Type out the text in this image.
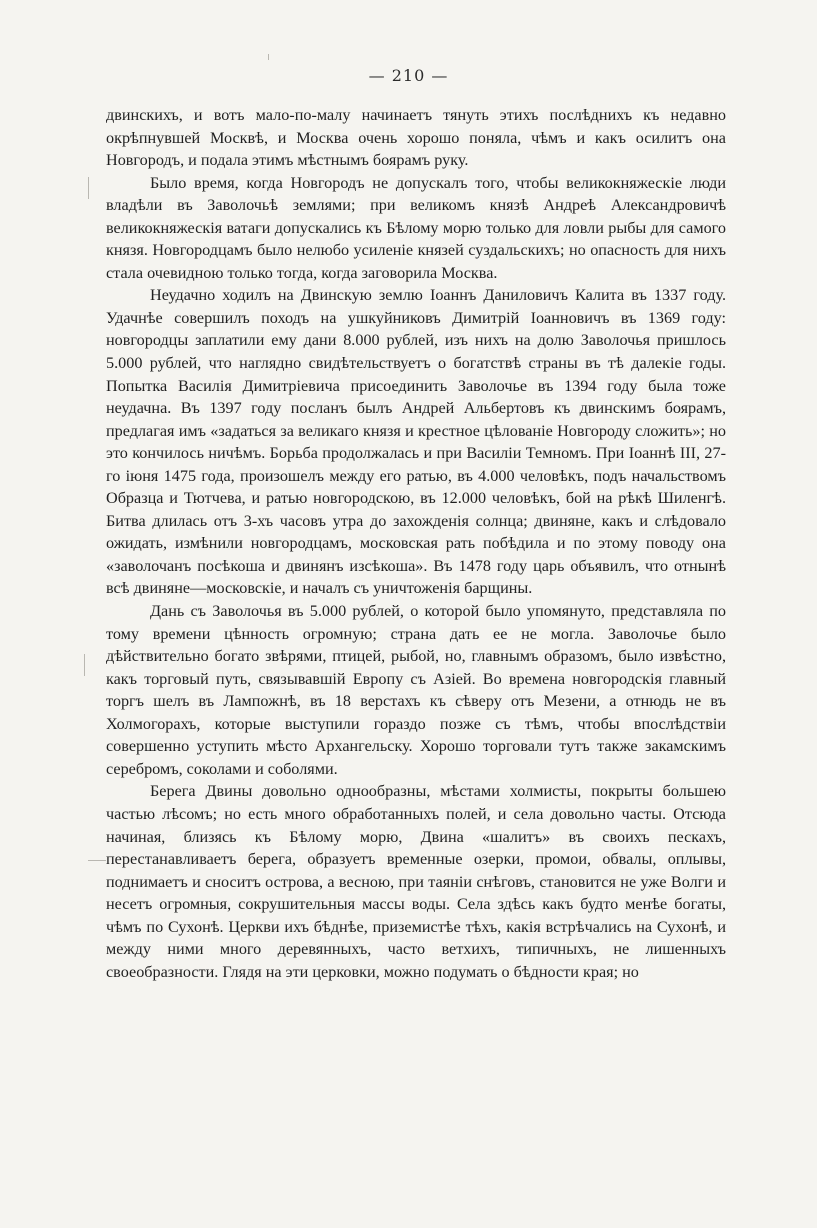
— 210 —

двинскихъ, и вотъ мало-по-малу начинаетъ тянуть этихъ послѣднихъ къ недавно окрѣпнувшей Москвѣ, и Москва очень хорошо поняла, чѣмъ и какъ осилитъ она Новгородъ, и подала этимъ мѣстнымъ боярамъ руку.

Было время, когда Новгородъ не допускалъ того, чтобы великокняжескіе люди владѣли въ Заволочьѣ землями; при великомъ князѣ Андреѣ Александровичѣ великокняжескія ватаги допускались къ Бѣлому морю только для ловли рыбы для самого князя. Новгородцамъ было нелюбо усиленіе князей суздальскихъ; но опасность для нихъ стала очевидною только тогда, когда заговорила Москва.

Неудачно ходилъ на Двинскую землю Іоаннъ Даниловичъ Калита въ 1337 году. Удачнѣе совершилъ походъ на ушкуйниковъ Димитрій Іоанновичъ въ 1369 году: новгородцы заплатили ему дани 8.000 рублей, изъ нихъ на долю Заволочья пришлось 5.000 рублей, что наглядно свидѣтельствуетъ о богатствѣ страны въ тѣ далекіе годы. Попытка Василія Димитріевича присоединить Заволочье въ 1394 году была тоже неудачна. Въ 1397 году посланъ былъ Андрей Альбертовъ къ двинскимъ боярамъ, предлагая имъ «задаться за великаго князя и крестное цѣлованіе Новгороду сложить»; но это кончилось ничѣмъ. Борьба продолжалась и при Василіи Темномъ. При Іоаннѣ III, 27-го іюня 1475 года, произошелъ между его ратью, въ 4.000 человѣкъ, подъ начальствомъ Образца и Тютчева, и ратью новгородскою, въ 12.000 человѣкъ, бой на рѣкѣ Шиленгѣ. Битва длилась отъ 3-хъ часовъ утра до захожденія солнца; двиняне, какъ и слѣдовало ожидать, измѣнили новгородцамъ, московская рать побѣдила и по этому поводу она «заволочанъ посѣкоша и двинянъ изсѣкоша». Въ 1478 году царь объявилъ, что отнынѣ всѣ двиняне—московскіе, и началъ съ уничтоженія барщины.

Дань съ Заволочья въ 5.000 рублей, о которой было упомянуто, представляла по тому времени цѣнность огромную; страна дать ее не могла. Заволочье было дѣйствительно богато звѣрями, птицей, рыбой, но, главнымъ образомъ, было извѣстно, какъ торговый путь, связывавшій Европу съ Азіей. Во времена новгородскія главный торгъ шелъ въ Лампожнѣ, въ 18 верстахъ къ сѣверу отъ Мезени, а отнюдь не въ Холмогорахъ, которые выступили гораздо позже съ тѣмъ, чтобы впослѣдствіи совершенно уступить мѣсто Архангельску. Хорошо торговали тутъ также закамскимъ серебромъ, соколами и соболями.

Берега Двины довольно однообразны, мѣстами холмисты, покрыты большею частью лѣсомъ; но есть много обработанныхъ полей, и села довольно часты. Отсюда начиная, близясь къ Бѣлому морю, Двина «шалитъ» въ своихъ пескахъ, перестанавливаетъ берега, образуетъ временные озерки, промои, обвалы, оплывы, поднимаетъ и сноситъ острова, а весною, при таяніи снѣговъ, становится не уже Волги и несетъ огромныя, сокрушительныя массы воды. Села здѣсь какъ будто менѣе богаты, чѣмъ по Сухонѣ. Церкви ихъ бѣднѣе, приземистѣе тѣхъ, какія встрѣчались на Сухонѣ, и между ними много деревянныхъ, часто ветхихъ, типичныхъ, не лишенныхъ своеобразности. Глядя на эти церковки, можно подумать о бѣдности края; но
